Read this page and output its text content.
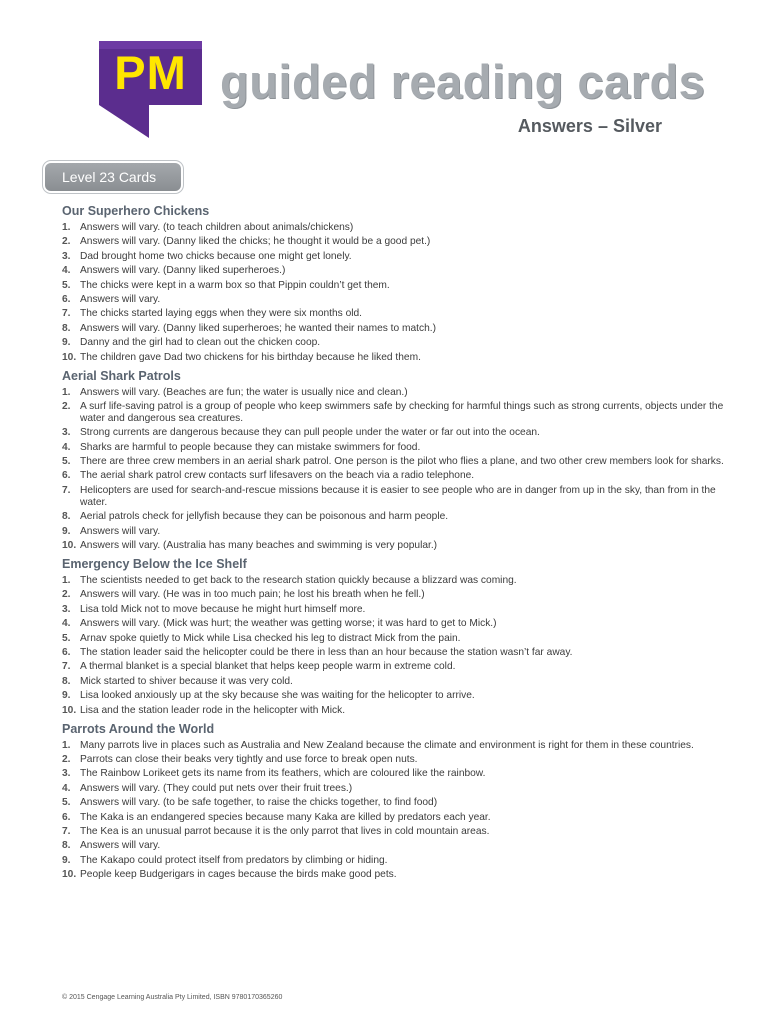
PM guided reading cards
Answers – Silver
Level 23 Cards
Our Superhero Chickens
1. Answers will vary. (to teach children about animals/chickens)
2. Answers will vary. (Danny liked the chicks; he thought it would be a good pet.)
3. Dad brought home two chicks because one might get lonely.
4. Answers will vary. (Danny liked superheroes.)
5. The chicks were kept in a warm box so that Pippin couldn’t get them.
6. Answers will vary.
7. The chicks started laying eggs when they were six months old.
8. Answers will vary. (Danny liked superheroes; he wanted their names to match.)
9. Danny and the girl had to clean out the chicken coop.
10. The children gave Dad two chickens for his birthday because he liked them.
Aerial Shark Patrols
1. Answers will vary. (Beaches are fun; the water is usually nice and clean.)
2. A surf life-saving patrol is a group of people who keep swimmers safe by checking for harmful things such as strong currents, objects under the water and dangerous sea creatures.
3. Strong currents are dangerous because they can pull people under the water or far out into the ocean.
4. Sharks are harmful to people because they can mistake swimmers for food.
5. There are three crew members in an aerial shark patrol. One person is the pilot who flies a plane, and two other crew members look for sharks.
6. The aerial shark patrol crew contacts surf lifesavers on the beach via a radio telephone.
7. Helicopters are used for search-and-rescue missions because it is easier to see people who are in danger from up in the sky, than from in the water.
8. Aerial patrols check for jellyfish because they can be poisonous and harm people.
9. Answers will vary.
10. Answers will vary. (Australia has many beaches and swimming is very popular.)
Emergency Below the Ice Shelf
1. The scientists needed to get back to the research station quickly because a blizzard was coming.
2. Answers will vary. (He was in too much pain; he lost his breath when he fell.)
3. Lisa told Mick not to move because he might hurt himself more.
4. Answers will vary. (Mick was hurt; the weather was getting worse; it was hard to get to Mick.)
5. Arnav spoke quietly to Mick while Lisa checked his leg to distract Mick from the pain.
6. The station leader said the helicopter could be there in less than an hour because the station wasn’t far away.
7. A thermal blanket is a special blanket that helps keep people warm in extreme cold.
8. Mick started to shiver because it was very cold.
9. Lisa looked anxiously up at the sky because she was waiting for the helicopter to arrive.
10. Lisa and the station leader rode in the helicopter with Mick.
Parrots Around the World
1. Many parrots live in places such as Australia and New Zealand because the climate and environment is right for them in these countries.
2. Parrots can close their beaks very tightly and use force to break open nuts.
3. The Rainbow Lorikeet gets its name from its feathers, which are coloured like the rainbow.
4. Answers will vary. (They could put nets over their fruit trees.)
5. Answers will vary. (to be safe together, to raise the chicks together, to find food)
6. The Kaka is an endangered species because many Kaka are killed by predators each year.
7. The Kea is an unusual parrot because it is the only parrot that lives in cold mountain areas.
8. Answers will vary.
9. The Kakapo could protect itself from predators by climbing or hiding.
10. People keep Budgerigars in cages because the birds make good pets.
© 2015 Cengage Learning Australia Pty Limited, ISBN 9780170365260
